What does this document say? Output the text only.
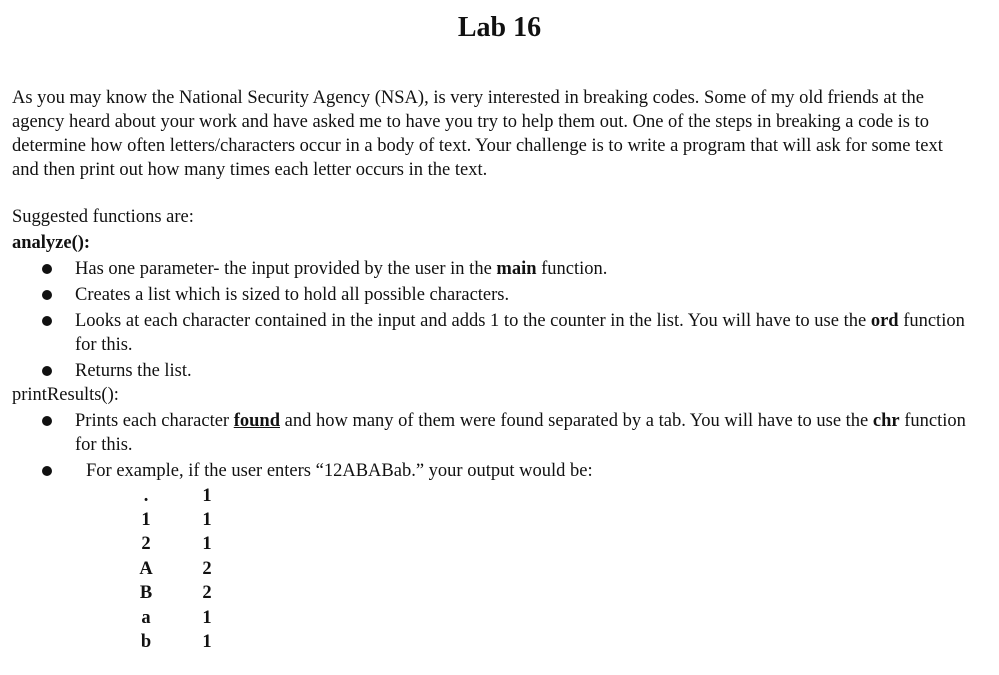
Lab 16

As you may know the National Security Agency (NSA), is very interested in breaking codes. Some of my old friends at the agency heard about your work and have asked me to have you try to help them out. One of the steps in breaking a code is to determine how often letters/characters occur in a body of text. Your challenge is to write a program that will ask for some text and then print out how many times each letter occurs in the text.

Suggested functions are:
analyze():
Has one parameter- the input provided by the user in the main function.
Creates a list which is sized to hold all possible characters.
Looks at each character contained in the input and adds 1 to the counter in the list. You will have to use the ord function for this.
Returns the list.
printResults():
Prints each character found and how many of them were found separated by a tab. You will have to use the chr function for this.
For example, if the user enters “12ABABab.” your output would be:
.	1
1	1
2	1
A	2
B	2
a	1
b	1
